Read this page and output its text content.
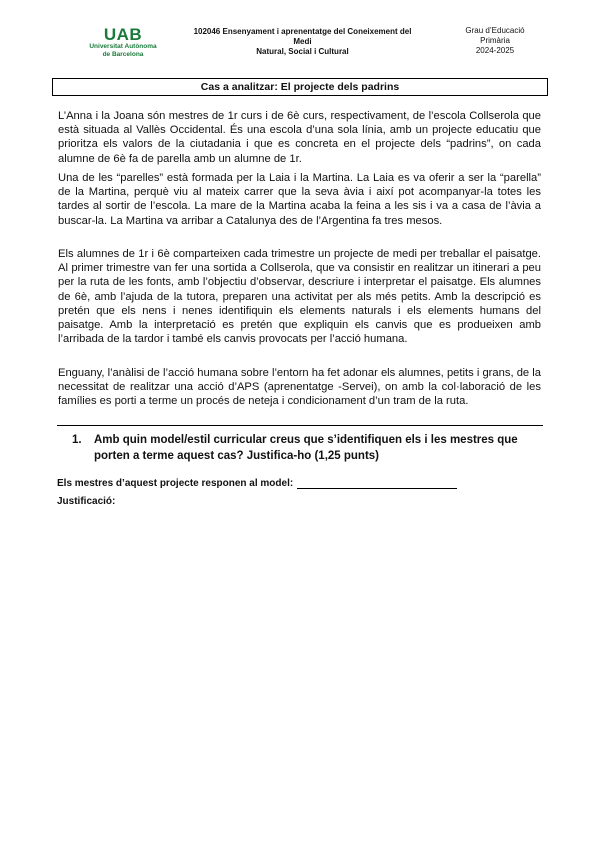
UAB
Universitat Autònoma
de Barcelona
102046 Ensenyament i aprenentatge del Coneixement del
Medi
Natural, Social i Cultural
Grau d’Educació
Primària
2024-2025
Cas a analitzar: El projecte dels padrins

L’Anna i la Joana són mestres de 1r curs i de 6è curs, respectivament, de l’escola Collserola que està situada al Vallès Occidental. És una escola d’una sola línia, amb un projecte educatiu que prioritza els valors de la ciutadania i que es concreta en el projecte dels “padrins”, on cada alumne de 6è fa de parella amb un alumne de 1r.

Una de les “parelles” està formada per la Laia i la Martina. La Laia es va oferir a ser la “parella” de la Martina, perquè viu al mateix carrer que la seva àvia i així pot acompanyar-la totes les tardes al sortir de l’escola. La mare de la Martina acaba la feina a les sis i va a casa de l’àvia a buscar-la. La Martina va arribar a Catalunya des de l’Argentina fa tres mesos.

Els alumnes de 1r i 6è comparteixen cada trimestre un projecte de medi per treballar el paisatge. Al primer trimestre van fer una sortida a Collserola, que va consistir en realitzar un itinerari a peu per la ruta de les fonts, amb l’objectiu d’observar, descriure i interpretar el paisatge. Els alumnes de 6è, amb l’ajuda de la tutora, preparen una activitat per als més petits. Amb la descripció es pretén que els nens i nenes identifiquin els elements naturals i els elements humans del paisatge. Amb la interpretació es pretén que expliquin els canvis que es produeixen amb l’arribada de la tardor i també els canvis provocats per l’acció humana.

Enguany, l’anàlisi de l’acció humana sobre l’entorn ha fet adonar els alumnes, petits i grans, de la necessitat de realitzar una acció d’APS (aprenentatge -Servei), on amb la col·laboració de les famílies es porti a terme un procés de neteja i condicionament d’un tram de la ruta.

1.	Amb quin model/estil curricular creus que s’identifiquen els i les mestres que porten a terme aquest cas? Justifica-ho (1,25 punts)
Els mestres d’aquest projecte responen al model:
Justificació:
